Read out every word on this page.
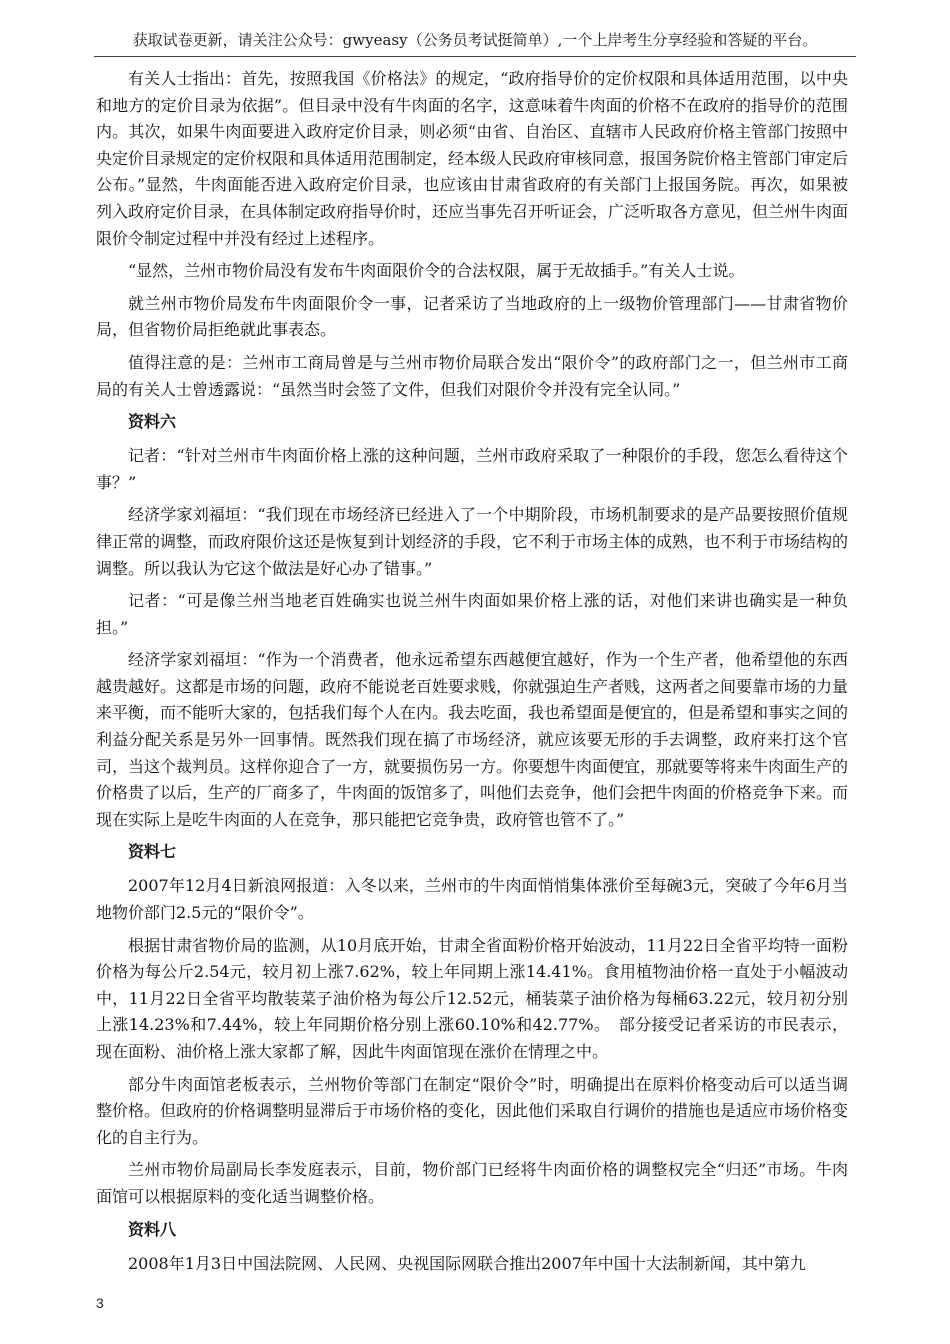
获取试卷更新，请关注公众号：gwyeasy（公务员考试挺简单）,一个上岸考生分享经验和答疑的平台。

有关人士指出：首先，按照我国《价格法》的规定，“政府指导价的定价权限和具体适用范围，以中央和地方的定价目录为依据”。但目录中没有牛肉面的名字，这意味着牛肉面的价格不在政府的指导价的范围内。其次，如果牛肉面要进入政府定价目录，则必须“由省、自治区、直辖市人民政府价格主管部门按照中央定价目录规定的定价权限和具体适用范围制定，经本级人民政府审核同意，报国务院价格主管部门审定后公布。”显然，牛肉面能否进入政府定价目录，也应该由甘肃省政府的有关部门上报国务院。再次，如果被列入政府定价目录，在具体制定政府指导价时，还应当事先召开听证会，广泛听取各方意见，但兰州牛肉面限价令制定过程中并没有经过上述程序。

“显然，兰州市物价局没有发布牛肉面限价令的合法权限，属于无故插手。”有关人士说。

就兰州市物价局发布牛肉面限价令一事，记者采访了当地政府的上一级物价管理部门——甘肃省物价局，但省物价局拒绝就此事表态。

值得注意的是：兰州市工商局曾是与兰州市物价局联合发出“限价令”的政府部门之一，但兰州市工商局的有关人士曾透露说：“虽然当时会签了文件，但我们对限价令并没有完全认同。”

资料六

记者：“针对兰州市牛肉面价格上涨的这种问题，兰州市政府采取了一种限价的手段，您怎么看待这个事？”

经济学家刘福垣：“我们现在市场经济已经进入了一个中期阶段，市场机制要求的是产品要按照价值规律正常的调整，而政府限价这还是恢复到计划经济的手段，它不利于市场主体的成熟，也不利于市场结构的调整。所以我认为它这个做法是好心办了错事。”

记者：“可是像兰州当地老百姓确实也说兰州牛肉面如果价格上涨的话，对他们来讲也确实是一种负担。”

经济学家刘福垣：“作为一个消费者，他永远希望东西越便宜越好，作为一个生产者，他希望他的东西越贵越好。这都是市场的问题，政府不能说老百姓要求贱，你就强迫生产者贱，这两者之间要靠市场的力量来平衡，而不能听大家的，包括我们每个人在内。我去吃面，我也希望面是便宜的，但是希望和事实之间的利益分配关系是另外一回事情。既然我们现在搞了市场经济，就应该要无形的手去调整，政府来打这个官司，当这个裁判员。这样你迎合了一方，就要损伤另一方。你要想牛肉面便宜，那就要等将来牛肉面生产的价格贵了以后，生产的厂商多了，牛肉面的饭馆多了，叫他们去竞争，他们会把牛肉面的价格竞争下来。而现在实际上是吃牛肉面的人在竞争，那只能把它竞争贵，政府管也管不了。”

资料七

2007年12月4日新浪网报道：入冬以来，兰州市的牛肉面悄悄集体涨价至每碗3元，突破了今年6月当地物价部门2.5元的“限价令”。

根据甘肃省物价局的监测，从10月底开始，甘肃全省面粉价格开始波动，11月22日全省平均特一面粉价格为每公斤2.54元，较月初上涨7.62%，较上年同期上涨14.41%。食用植物油价格一直处于小幅波动中，11月22日全省平均散装菜子油价格为每公斤12.52元，桶装菜子油价格为每桶63.22元，较月初分别上涨14.23%和7.44%，较上年同期价格分别上涨60.10%和42.77%。　部分接受记者采访的市民表示，现在面粉、油价格上涨大家都了解，因此牛肉面馆现在涨价在情理之中。

部分牛肉面馆老板表示，兰州物价等部门在制定“限价令”时，明确提出在原料价格变动后可以适当调整价格。但政府的价格调整明显滞后于市场价格的变化，因此他们采取自行调价的措施也是适应市场价格变化的自主行为。

兰州市物价局副局长李发庭表示，目前，物价部门已经将牛肉面价格的调整权完全“归还”市场。牛肉面馆可以根据原料的变化适当调整价格。

资料八

2008年1月3日中国法院网、人民网、央视国际网联合推出2007年中国十大法制新闻，其中第九

3
